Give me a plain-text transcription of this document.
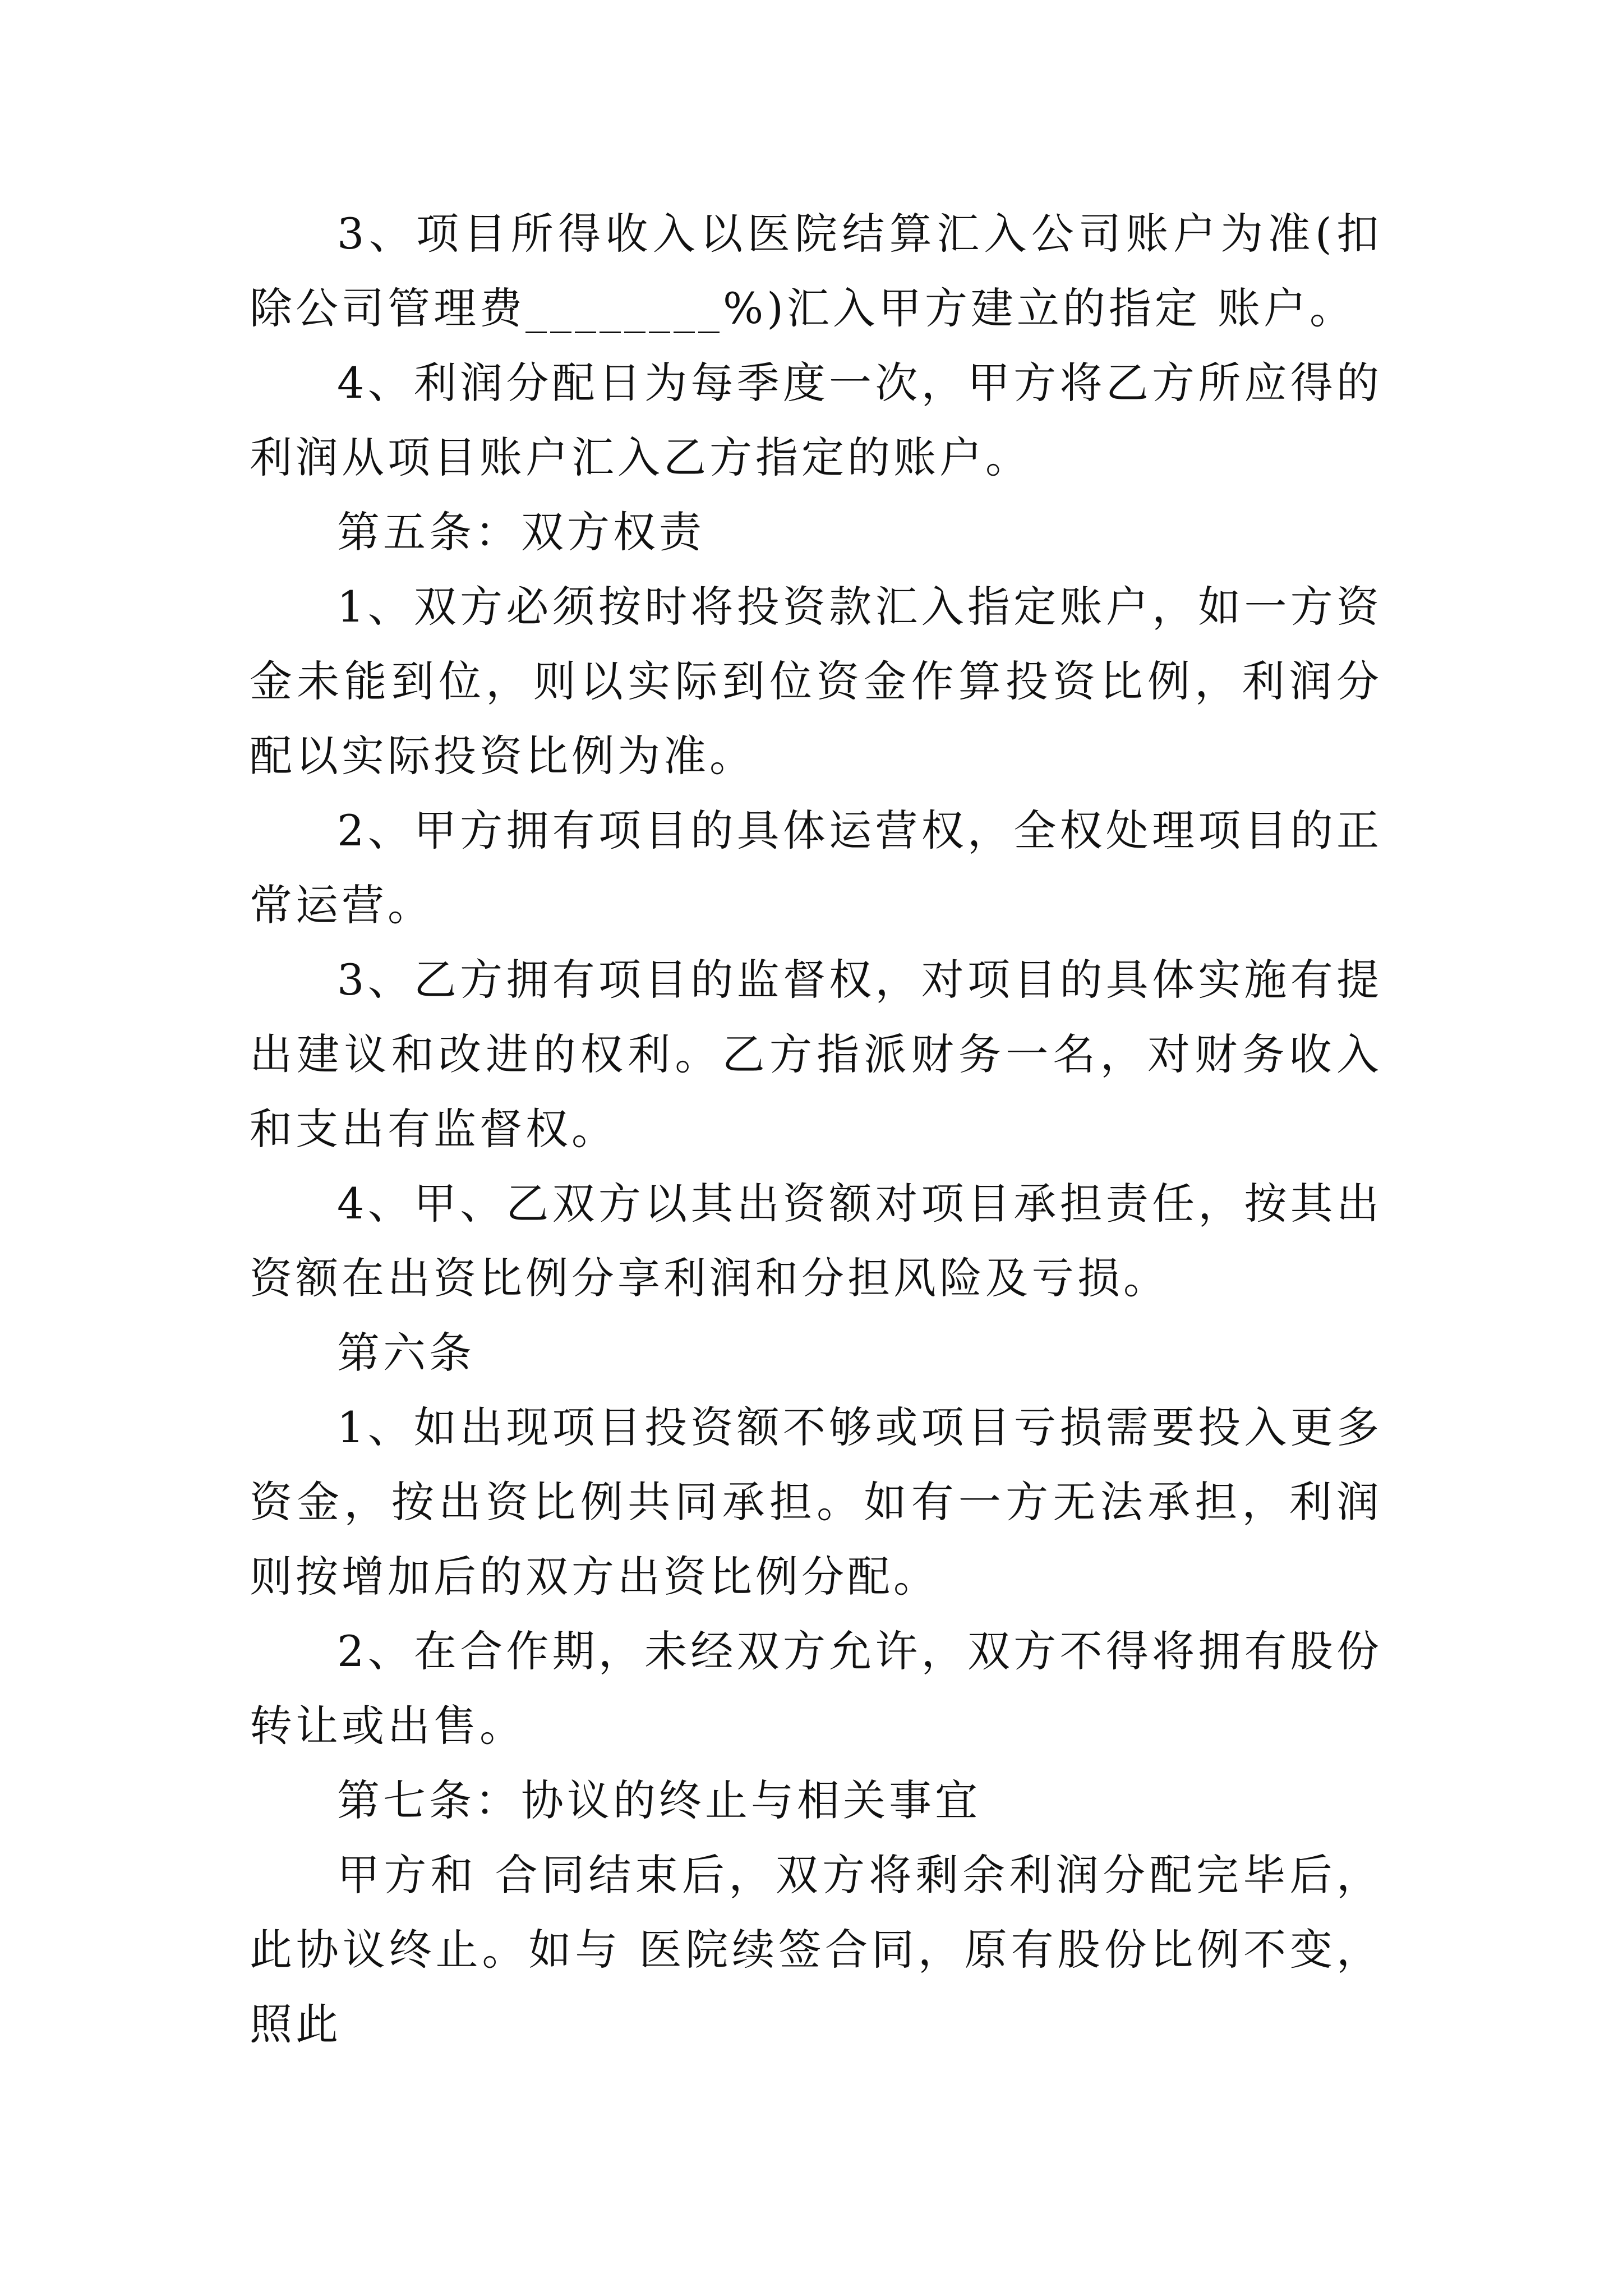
3、项目所得收入以医院结算汇入公司账户为准(扣除公司管理费________%)汇入甲方建立的指定 账户。

4、利润分配日为每季度一次，甲方将乙方所应得的利润从项目账户汇入乙方指定的账户。

第五条：双方权责

1、双方必须按时将投资款汇入指定账户，如一方资金未能到位，则以实际到位资金作算投资比例，利润分配以实际投资比例为准。

2、甲方拥有项目的具体运营权，全权处理项目的正常运营。

3、乙方拥有项目的监督权，对项目的具体实施有提出建议和改进的权利。乙方指派财务一名，对财务收入和支出有监督权。

4、甲、乙双方以其出资额对项目承担责任，按其出资额在出资比例分享利润和分担风险及亏损。

第六条

1、如出现项目投资额不够或项目亏损需要投入更多资金，按出资比例共同承担。如有一方无法承担，利润则按增加后的双方出资比例分配。

2、在合作期，未经双方允许，双方不得将拥有股份转让或出售。

第七条：协议的终止与相关事宜

甲方和 合同结束后，双方将剩余利润分配完毕后，此协议终止。如与 医院续签合同，原有股份比例不变，照此
